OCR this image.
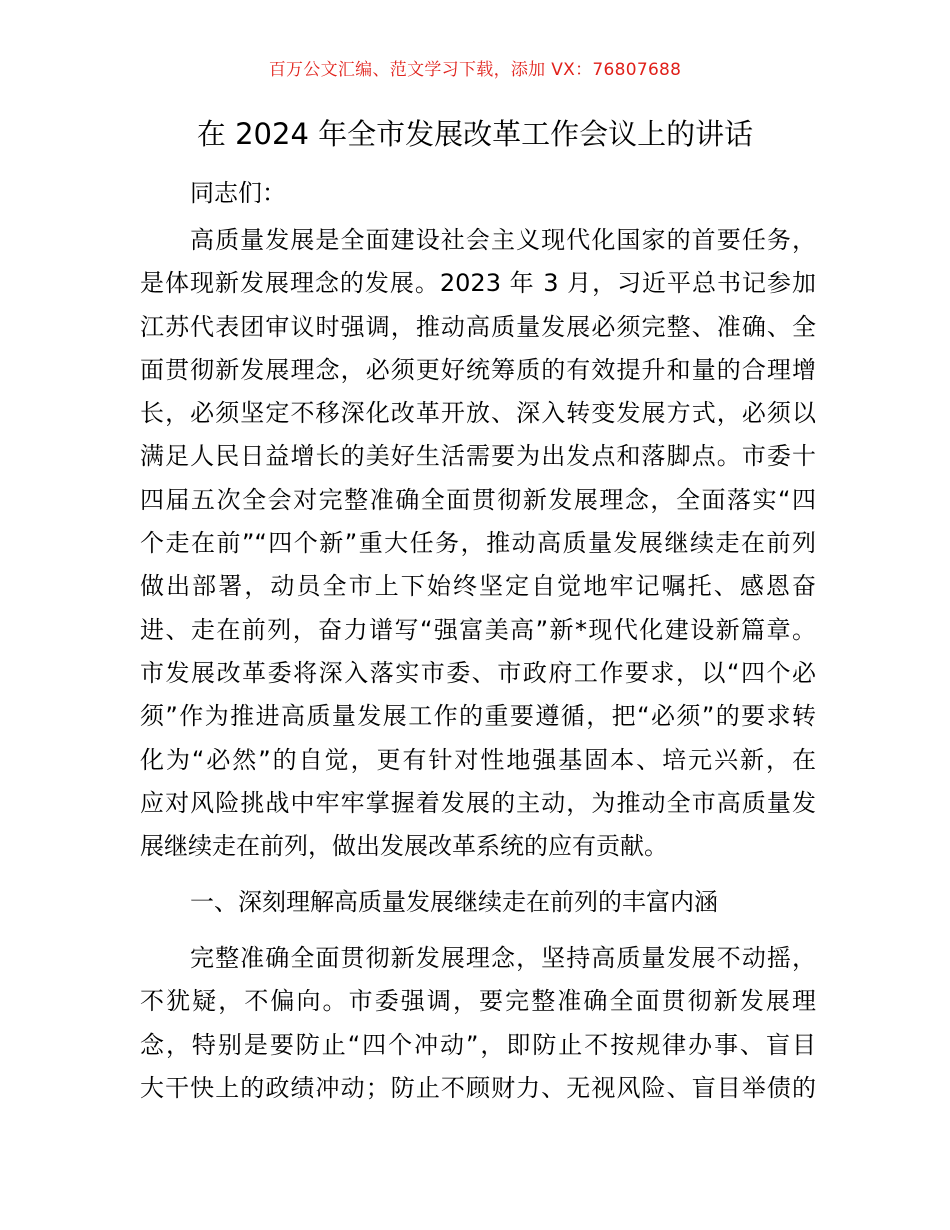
百万公文汇编、范文学习下载，添加 VX：76807688
在 2024 年全市发展改革工作会议上的讲话

同志们：

高质量发展是全面建设社会主义现代化国家的首要任务，
是体现新发展理念的发展。2023 年 3 月，习近平总书记参加
江苏代表团审议时强调，推动高质量发展必须完整、准确、全
面贯彻新发展理念，必须更好统筹质的有效提升和量的合理增
长，必须坚定不移深化改革开放、深入转变发展方式，必须以
满足人民日益增长的美好生活需要为出发点和落脚点。市委十
四届五次全会对完整准确全面贯彻新发展理念，全面落实“四
个走在前”“四个新”重大任务，推动高质量发展继续走在前列
做出部署，动员全市上下始终坚定自觉地牢记嘱托、感恩奋
进、走在前列，奋力谱写“强富美高”新*现代化建设新篇章。
市发展改革委将深入落实市委、市政府工作要求，以“四个必
须”作为推进高质量发展工作的重要遵循，把“必须”的要求转
化为“必然”的自觉，更有针对性地强基固本、培元兴新，在
应对风险挑战中牢牢掌握着发展的主动，为推动全市高质量发
展继续走在前列，做出发展改革系统的应有贡献。

一、深刻理解高质量发展继续走在前列的丰富内涵

完整准确全面贯彻新发展理念，坚持高质量发展不动摇，
不犹疑，不偏向。市委强调，要完整准确全面贯彻新发展理
念，特别是要防止“四个冲动”，即防止不按规律办事、盲目
大干快上的政绩冲动；防止不顾财力、无视风险、盲目举债的
